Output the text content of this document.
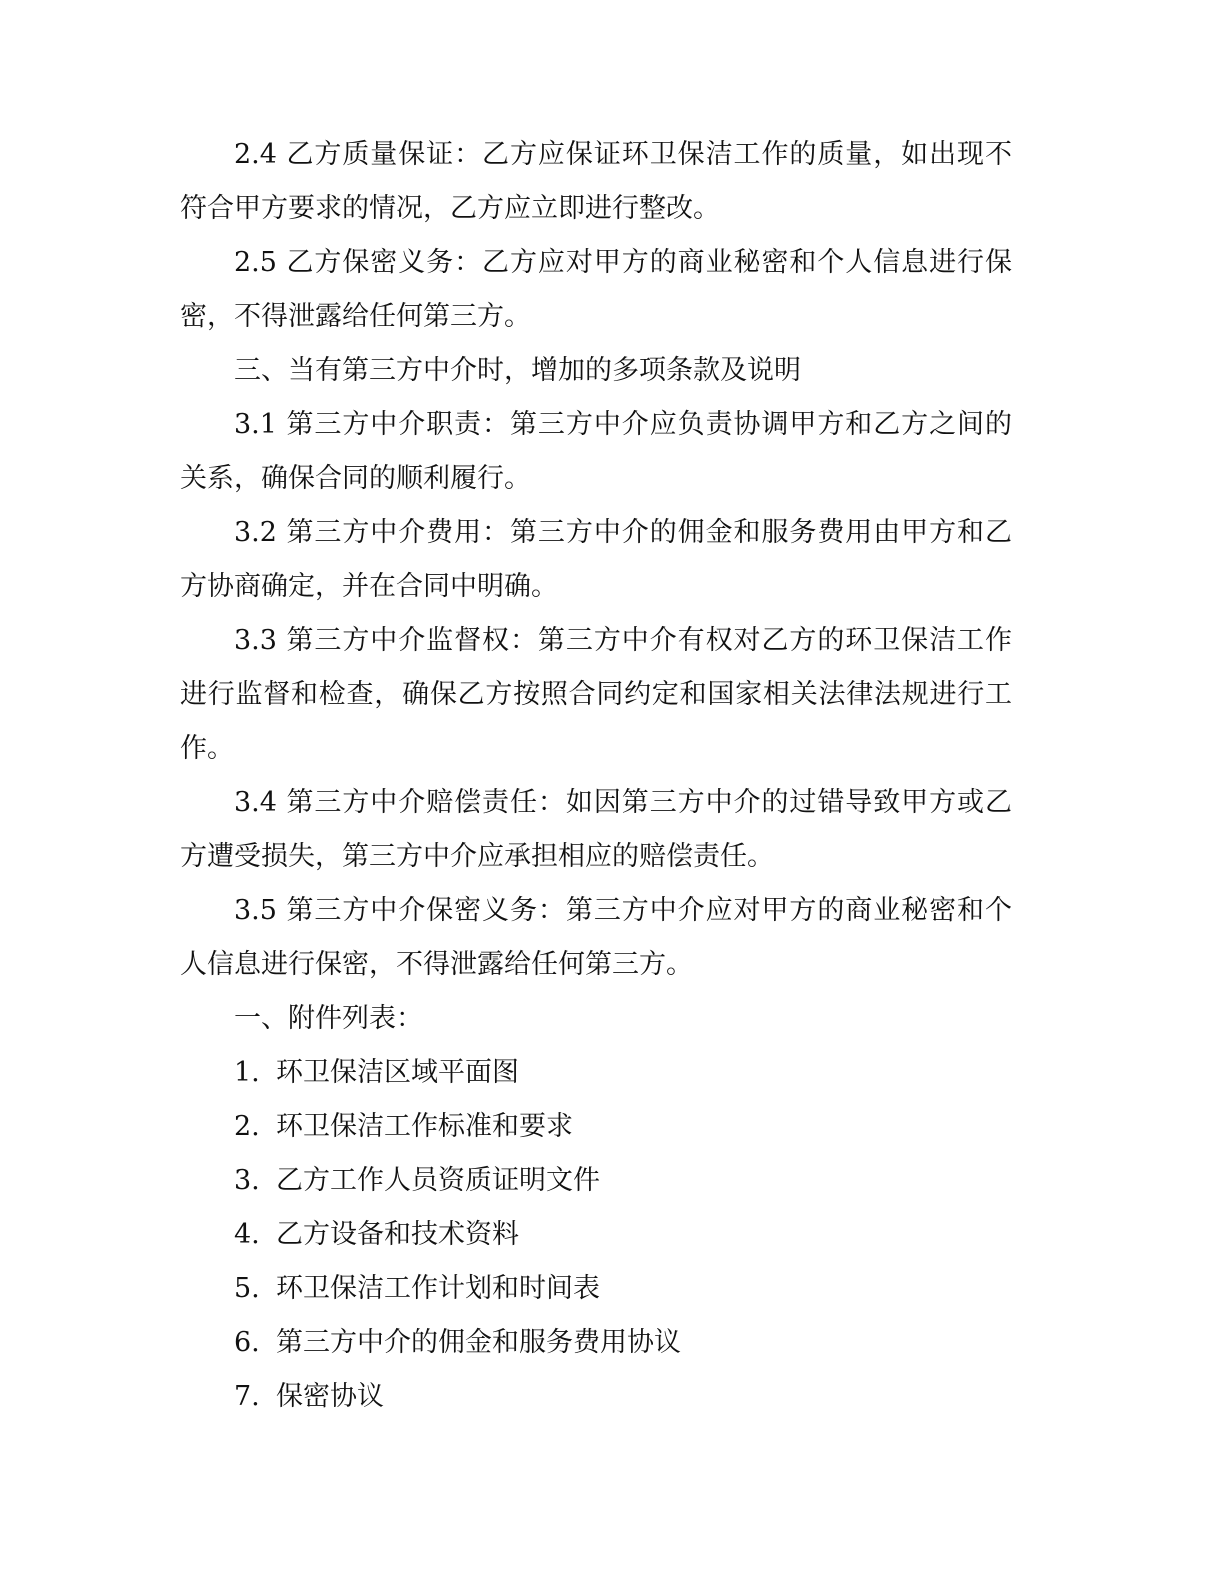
2.4 乙方质量保证：乙方应保证环卫保洁工作的质量，如出现不符合甲方要求的情况，乙方应立即进行整改。

2.5 乙方保密义务：乙方应对甲方的商业秘密和个人信息进行保密，不得泄露给任何第三方。

三、当有第三方中介时，增加的多项条款及说明

3.1 第三方中介职责：第三方中介应负责协调甲方和乙方之间的关系，确保合同的顺利履行。

3.2 第三方中介费用：第三方中介的佣金和服务费用由甲方和乙方协商确定，并在合同中明确。

3.3 第三方中介监督权：第三方中介有权对乙方的环卫保洁工作进行监督和检查，确保乙方按照合同约定和国家相关法律法规进行工作。

3.4 第三方中介赔偿责任：如因第三方中介的过错导致甲方或乙方遭受损失，第三方中介应承担相应的赔偿责任。

3.5 第三方中介保密义务：第三方中介应对甲方的商业秘密和个人信息进行保密，不得泄露给任何第三方。

一、附件列表：

1. 环卫保洁区域平面图
2. 环卫保洁工作标准和要求
3. 乙方工作人员资质证明文件
4. 乙方设备和技术资料
5. 环卫保洁工作计划和时间表
6. 第三方中介的佣金和服务费用协议
7. 保密协议
